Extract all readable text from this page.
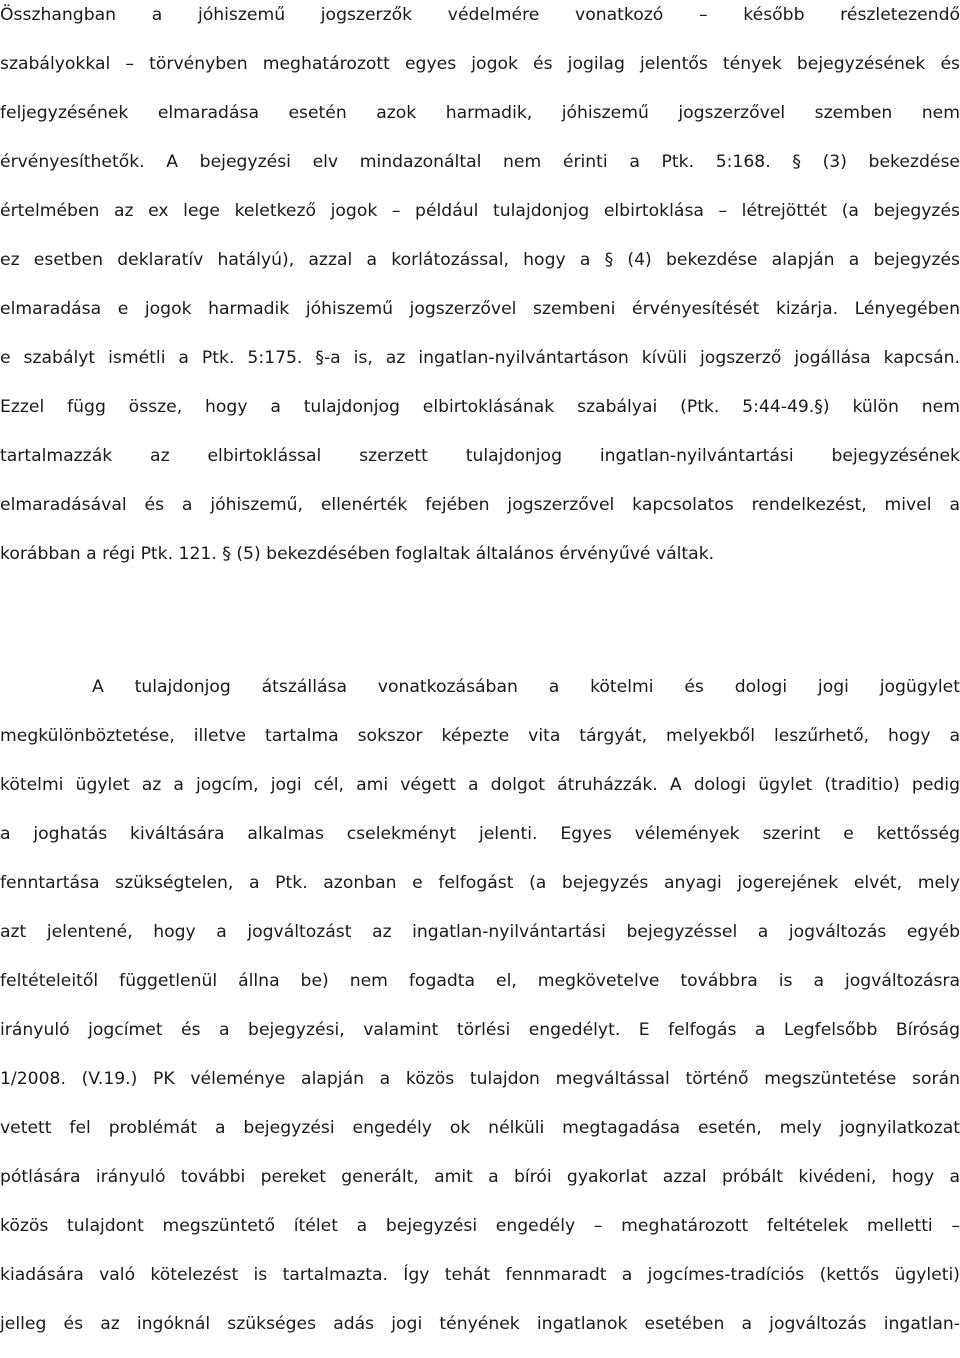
Összhangban a jóhiszemű jogszerzők védelmére vonatkozó – később részletezendő
szabályokkal – törvényben meghatározott egyes jogok és jogilag jelentős tények bejegyzésének és
feljegyzésének elmaradása esetén azok harmadik, jóhiszemű jogszerzővel szemben nem
érvényesíthetők. A bejegyzési elv mindazonáltal nem érinti a Ptk. 5:168. § (3) bekezdése
értelmében az ex lege keletkező jogok – például tulajdonjog elbirtoklása – létrejöttét (a bejegyzés
ez esetben deklaratív hatályú), azzal a korlátozással, hogy a § (4) bekezdése alapján a bejegyzés
elmaradása e jogok harmadik jóhiszemű jogszerzővel szembeni érvényesítését kizárja. Lényegében
e szabályt ismétli a Ptk. 5:175. §-a is, az ingatlan-nyilvántartáson kívüli jogszerző jogállása kapcsán.
Ezzel függ össze, hogy a tulajdonjog elbirtoklásának szabályai (Ptk. 5:44-49.§) külön nem
tartalmazzák az elbirtoklással szerzett tulajdonjog ingatlan-nyilvántartási bejegyzésének
elmaradásával és a jóhiszemű, ellenérték fejében jogszerzővel kapcsolatos rendelkezést, mivel a
korábban a régi Ptk. 121. § (5) bekezdésében foglaltak általános érvényűvé váltak.
A tulajdonjog átszállása vonatkozásában a kötelmi és dologi jogi jogügylet
megkülönböztetése, illetve tartalma sokszor képezte vita tárgyát, melyekből leszűrhető, hogy a
kötelmi ügylet az a jogcím, jogi cél, ami végett a dolgot átruházzák. A dologi ügylet (traditio) pedig
a joghatás kiváltására alkalmas cselekményt jelenti. Egyes vélemények szerint e kettősség
fenntartása szükségtelen, a Ptk. azonban e felfogást (a bejegyzés anyagi jogerejének elvét, mely
azt jelentené, hogy a jogváltozást az ingatlan-nyilvántartási bejegyzéssel a jogváltozás egyéb
feltételeitől függetlenül állna be) nem fogadta el, megkövetelve továbbra is a jogváltozásra
irányuló jogcímet és a bejegyzési, valamint törlési engedélyt. E felfogás a Legfelsőbb Bíróság
1/2008. (V.19.) PK véleménye alapján a közös tulajdon megváltással történő megszüntetése során
vetett fel problémát a bejegyzési engedély ok nélküli megtagadása esetén, mely jognyilatkozat
pótlására irányuló további pereket generált, amit a bírói gyakorlat azzal próbált kivédeni, hogy a
közös tulajdont megszüntető ítélet a bejegyzési engedély – meghatározott feltételek melletti –
kiadására való kötelezést is tartalmazta. Így tehát fennmaradt a jogcímes-tradíciós (kettős ügyleti)
jelleg és az ingóknál szükséges adás jogi tényének ingatlanok esetében a jogváltozás ingatlan-
